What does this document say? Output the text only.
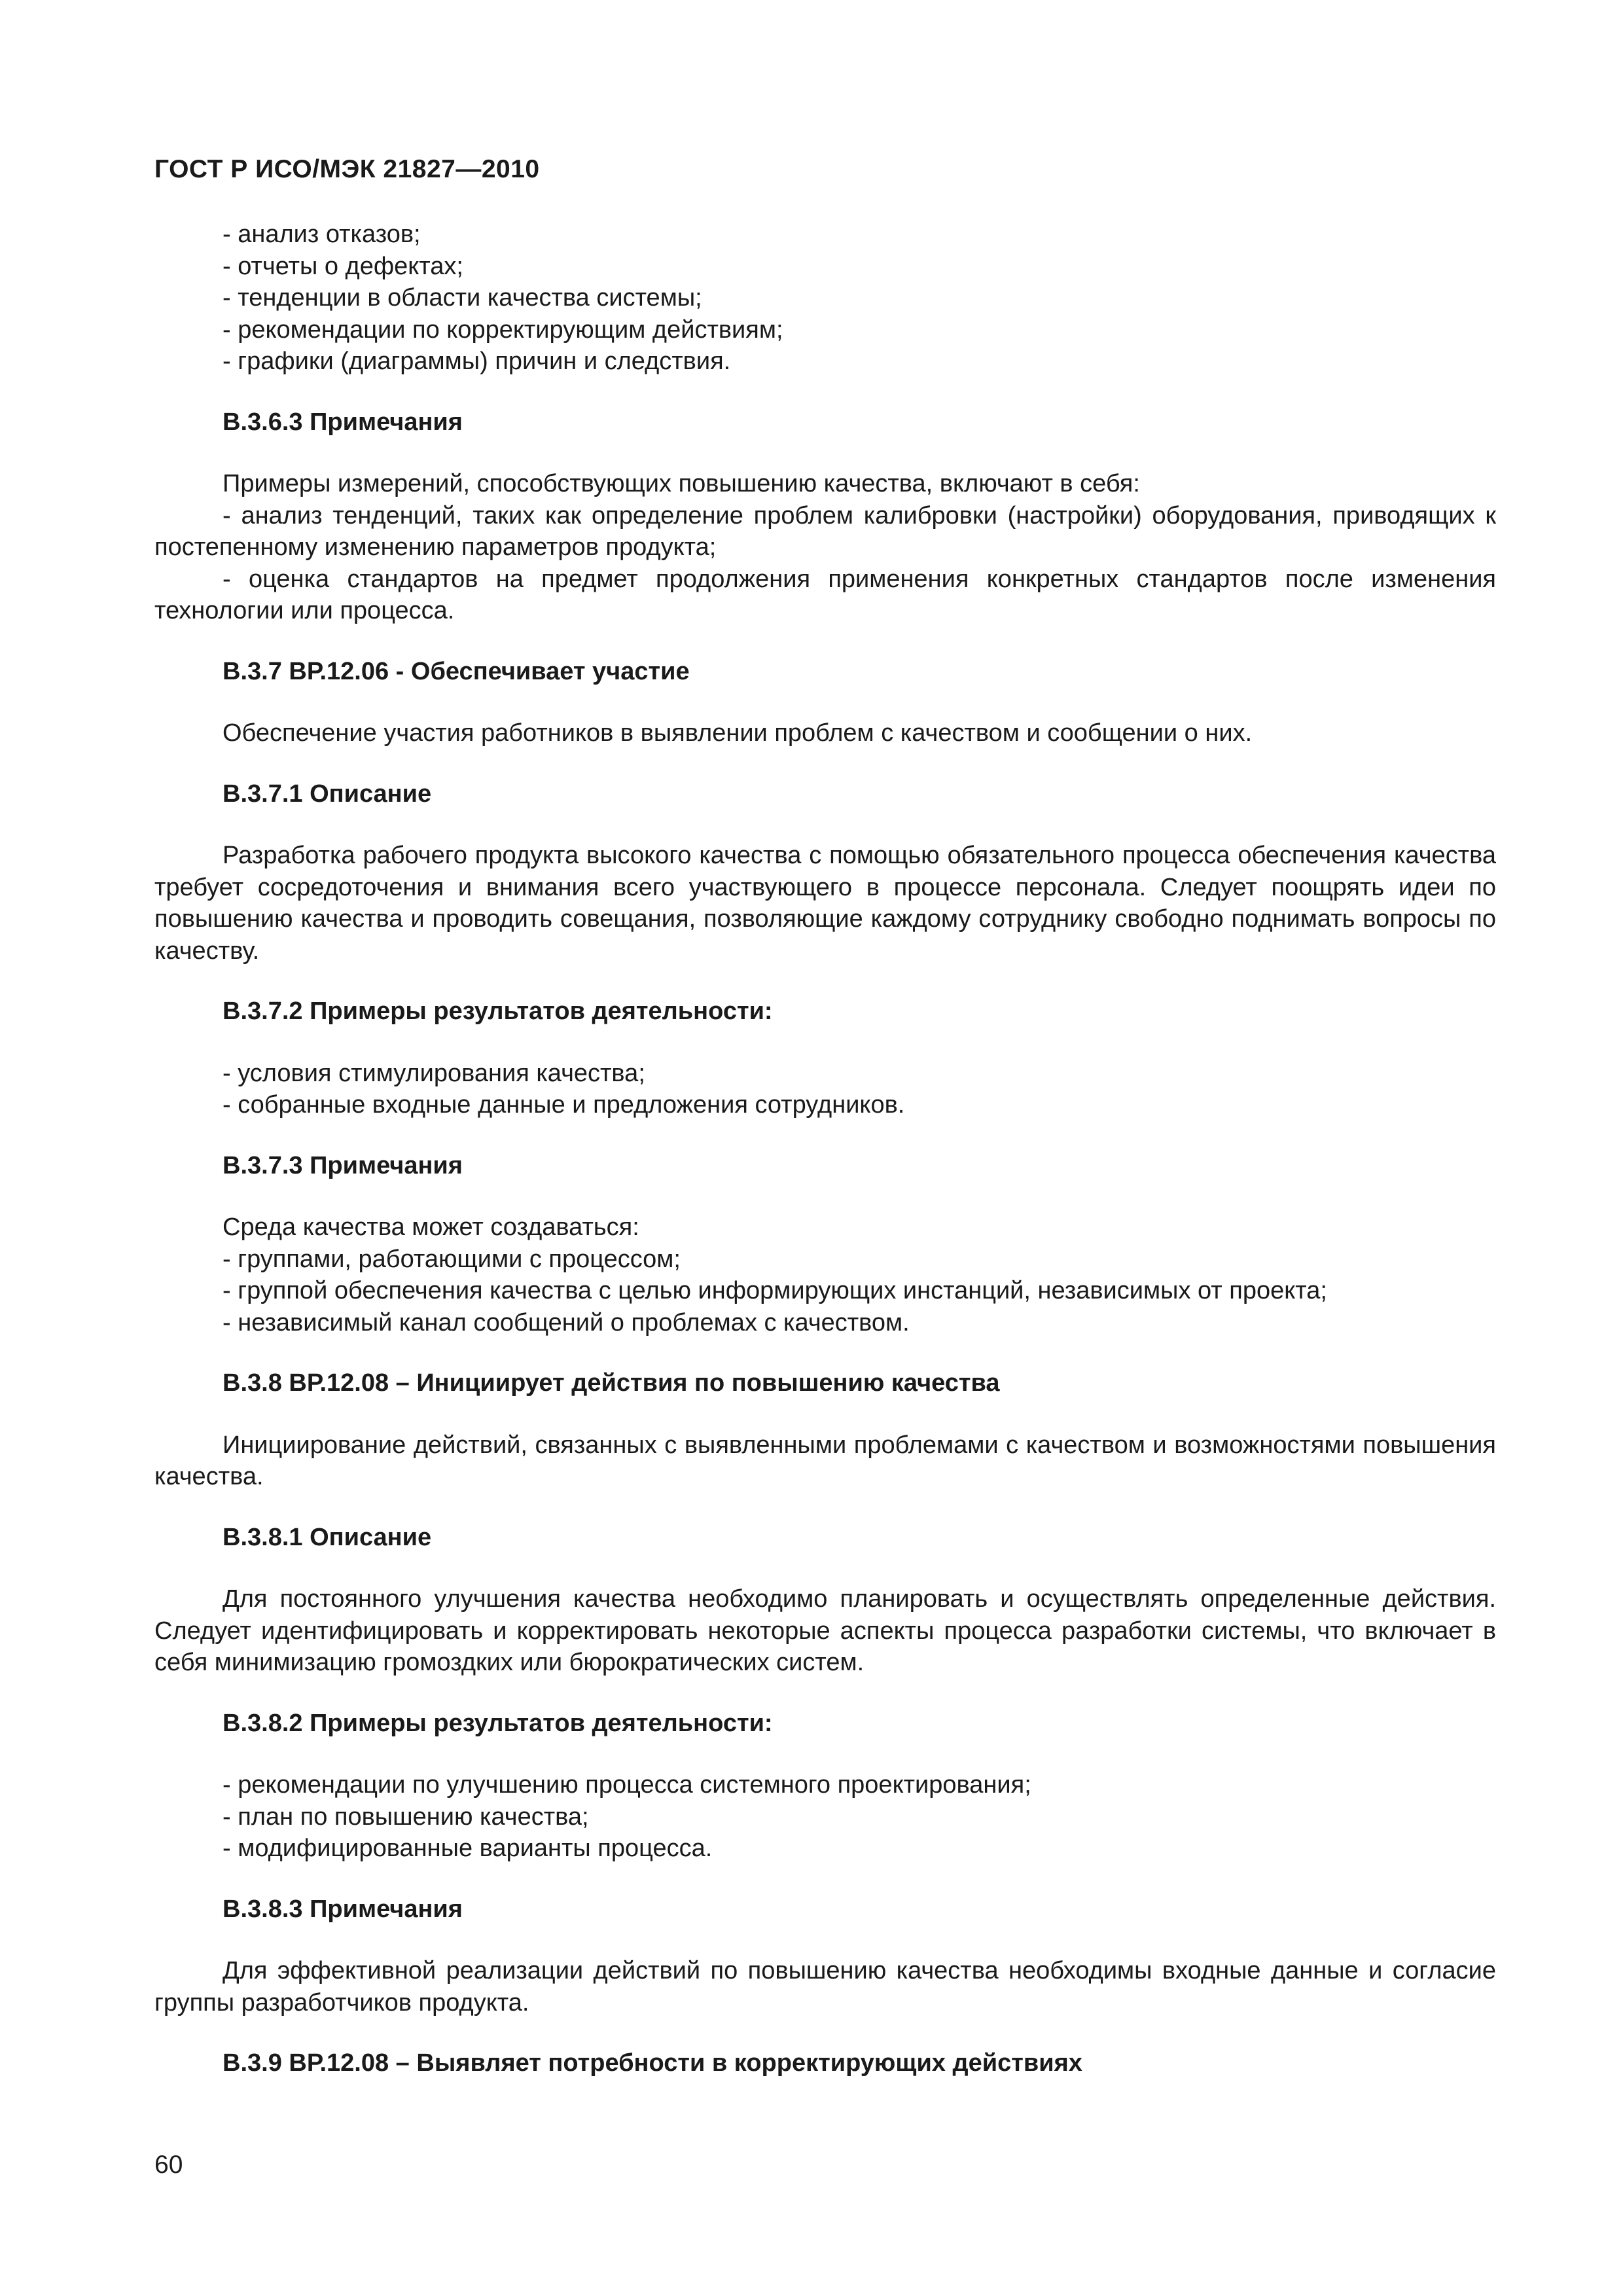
ГОСТ Р ИСО/МЭК 21827—2010

- анализ отказов;

- отчеты о дефектах;

- тенденции в области качества системы;

- рекомендации по корректирующим действиям;

- графики (диаграммы) причин и следствия.

В.3.6.3 Примечания

Примеры измерений, способствующих повышению качества, включают в себя:

- анализ тенденций, таких как определение проблем калибровки (настройки) оборудования, приводящих к постепенному изменению параметров продукта;

- оценка стандартов на предмет продолжения применения конкретных стандартов после изменения технологии или процесса.

В.3.7 ВР.12.06 - Обеспечивает участие

Обеспечение участия работников в выявлении проблем с качеством и сообщении о них.

В.3.7.1 Описание

Разработка рабочего продукта высокого качества с помощью обязательного процесса обеспечения качества требует сосредоточения и внимания всего участвующего в процессе персонала. Следует поощрять идеи по повышению качества и проводить совещания, позволяющие каждому сотруднику свободно поднимать вопросы по качеству.

В.3.7.2 Примеры результатов деятельности:

- условия стимулирования качества;

- собранные входные данные и предложения сотрудников.

В.3.7.3 Примечания

Среда качества может создаваться:

- группами, работающими с процессом;

- группой обеспечения качества с целью информирующих инстанций, независимых от проекта;

- независимый канал сообщений о проблемах с качеством.

В.3.8 ВР.12.08 – Инициирует действия по повышению качества

Инициирование действий, связанных с выявленными проблемами с качеством и возможностями повышения качества.

В.3.8.1 Описание

Для постоянного улучшения качества необходимо планировать и осуществлять определенные действия. Следует идентифицировать и корректировать некоторые аспекты процесса разработки системы, что включает в себя минимизацию громоздких или бюрократических систем.

В.3.8.2 Примеры результатов деятельности:

- рекомендации по улучшению процесса системного проектирования;

- план по повышению качества;

- модифицированные варианты процесса.

В.3.8.3 Примечания

Для эффективной реализации действий по повышению качества необходимы входные данные и согласие группы разработчиков продукта.

В.3.9 ВР.12.08 – Выявляет потребности в корректирующих действиях

60
